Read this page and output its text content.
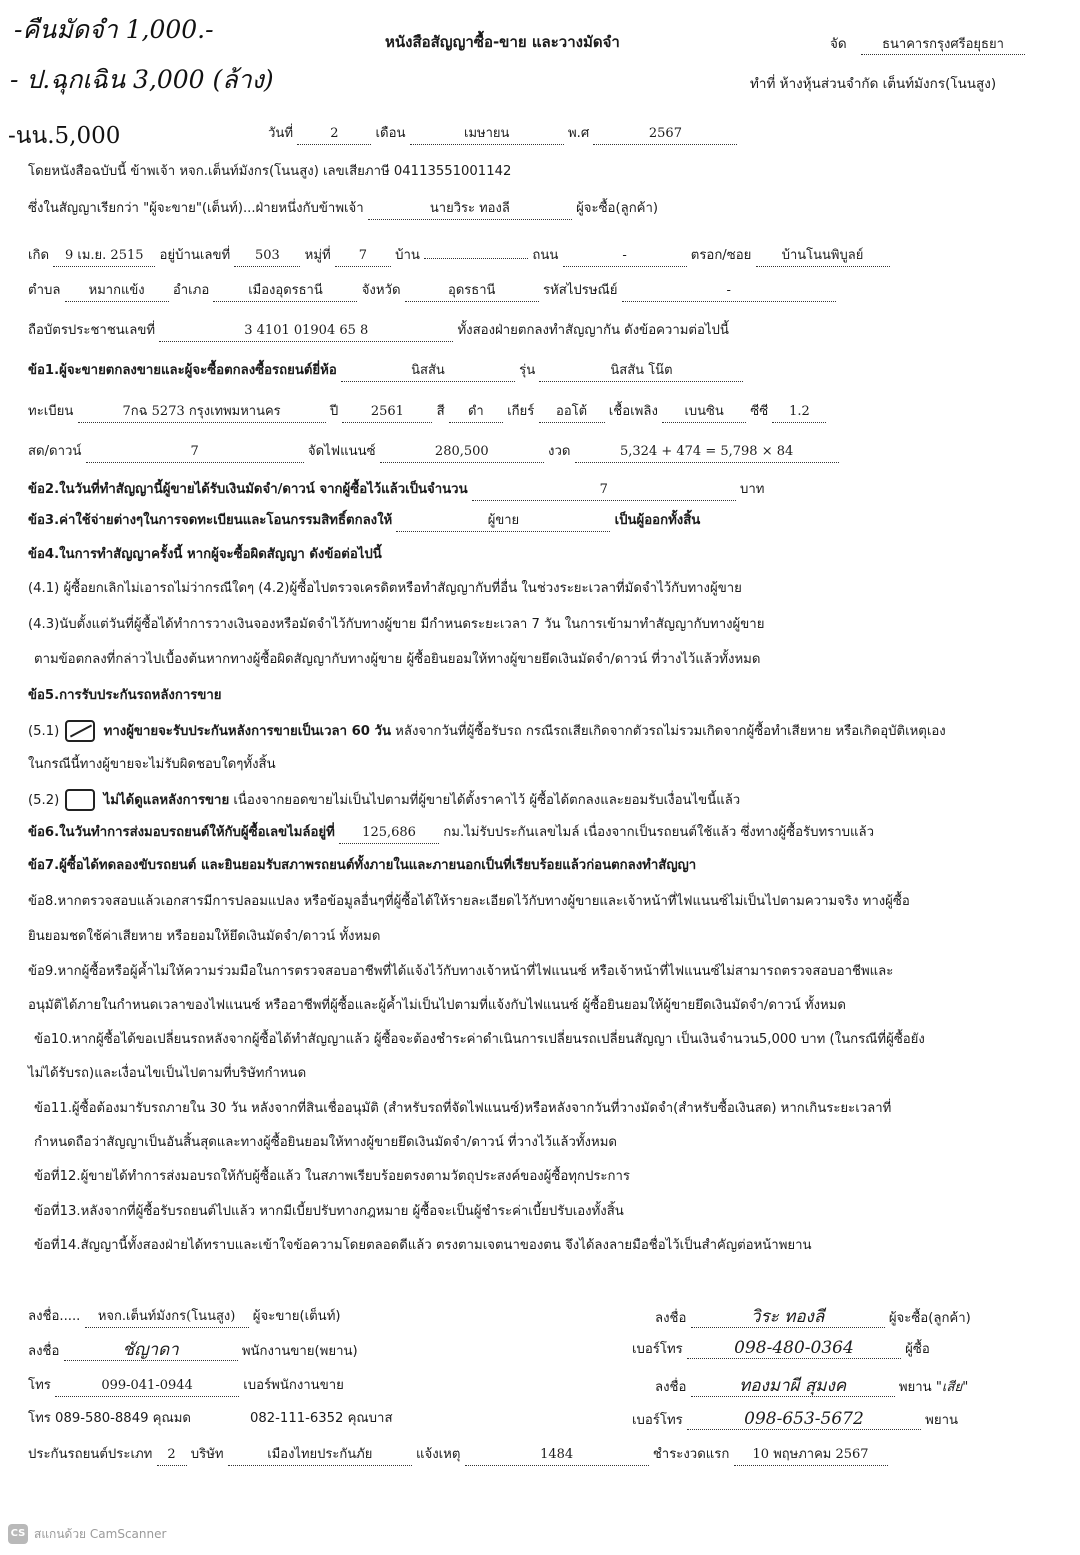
-คืนมัดจำ 1,000.-
- ป.ฉุกเฉิน 3,000 (ล้าง)
-นน.5,000
หนังสือสัญญาซื้อ-ขาย และวางมัดจำ	จัด	ธนาคารกรุงศรีอยุธยา
ทำที่ ห้างหุ้นส่วนจำกัด เต็นท์มังกร(โนนสูง)
วันที่	2	เดือน	เมษายน	พ.ศ	2567
โดยหนังสือฉบับนี้ ข้าพเจ้า หจก.เต็นท์มังกร(โนนสูง) เลขเสียภาษี 0411355100114​2
ซึ่งในสัญญาเรียกว่า "ผู้จะขาย"(เต็นท์)...ฝ่ายหนึ่งกับข้าพเจ้า	นายวิระ ทองลี	ผู้จะซื้อ(ลูกค้า)
เกิด 9 เม.ย. 2515 อยู่บ้านเลขที่ 503 หมู่ที่ 7 บ้าน	ถนน	-	ตรอก/ซอย บ้านโนนพิบูลย์
ตำบล หมากแข้ง อำเภอ	เมืองอุดรธานี	จังหวัด	อุดรธานี	รหัสไปรษณีย์	-
ถือบัตรประชาชนเลขที่	3 4101 01904 65 8	ทั้งสองฝ่ายตกลงทำสัญญากัน ดังข้อความต่อไปนี้
ข้อ1.ผู้จะขายตกลงขายและผู้จะซื้อตกลงซื้อรถยนต์ยี่ห้อ	นิสสัน	รุ่น	นิสสัน โน๊ต
ทะเบียน	7กฉ 5273 กรุงเทพมหานคร	ปี	2561 สี ดำ เกียร์ ออโต้ เชื้อเพลิง เบนซิน ซีซี 1.2
สด/ดาวน์	7	จัดไฟแนนซ์	280,500	งวด	5,324 + 474 = 5,798 × 84
ข้อ2.ในวันที่ทำสัญญานี้ผู้ขายได้รับเงินมัดจำ/ดาวน์ จากผู้ซื้อไว้แล้วเป็นจำนวน	7	บาท
ข้อ3.ค่าใช้จ่ายต่างๆในการจดทะเบียนและโอนกรรมสิทธิ์ตกลงให้	ผู้ขาย	เป็นผู้ออกทั้งสิ้น
ข้อ4.ในการทำสัญญาครั้งนี้ หากผู้จะซื้อผิดสัญญา ดังข้อต่อไปนี้
(4.1) ผู้ซื้อยกเลิกไม่เอารถไม่ว่ากรณีใดๆ (4.2)ผู้ซื้อไปตรวจเครดิตหรือทำสัญญากับที่อื่น ในช่วงระยะเวลาที่มัดจำไว้กับทางผู้ขาย
(4.3)นับตั้งแต่วันที่ผู้ซื้อได้ทำการวางเงินจองหรือมัดจำไว้กับทางผู้ขาย มีกำหนดระยะเวลา 7 วัน ในการเข้ามาทำสัญญากับทางผู้ขาย
ตามข้อตกลงที่กล่าวไปเบื้องต้นหากทางผู้ซื้อผิดสัญญากับทางผู้ขาย ผู้ซื้อยินยอมให้ทางผู้ขายยึดเงินมัดจำ/ดาวน์ ที่วางไว้แล้วทั้งหมด
ข้อ5.การรับประกันรถหลังการขาย
(5.1)	ทางผู้ขายจะรับประกันหลังการขายเป็นเวลา 60 วัน หลังจากวันที่ผู้ซื้อรับรถ กรณีรถเสียเกิดจากตัวรถไม่รวมเกิดจากผู้ซื้อทำเสียหาย หรือเกิดอุบัติเหตุเอง
ในกรณีนี้ทางผู้ขายจะไม่รับผิดชอบใดๆทั้งสิ้น
(5.2)	ไม่ได้ดูแลหลังการขาย เนื่องจากยอดขายไม่เป็นไปตามที่ผู้ขายได้ตั้งราคาไว้ ผู้ซื้อได้ตกลงและยอมรับเงื่อนไขนี้แล้ว
ข้อ6.ในวันทำการส่งมอบรถยนต์ให้กับผู้ซื้อเลขไมล์อยู่ที่ 125,686 กม.ไม่รับประกันเลขไมล์ เนื่องจากเป็นรถยนต์ใช้แล้ว ซึ่งทางผู้ซื้อรับทราบแล้ว
ข้อ7.ผู้ซื้อได้ทดลองขับรถยนต์ และยินยอมรับสภาพรถยนต์ทั้งภายในและภายนอกเป็นที่เรียบร้อยแล้วก่อนตกลงทำสัญญา
ข้อ8.หากตรวจสอบแล้วเอกสารมีการปลอมแปลง หรือข้อมูลอื่นๆที่ผู้ซื้อได้ให้รายละเอียดไว้กับทางผู้ขายและเจ้าหน้าที่ไฟแนนซ์ไม่เป็นไปตามความจริง ทางผู้ซื้อ
ยินยอมชดใช้ค่าเสียหาย หรือยอมให้ยึดเงินมัดจำ/ดาวน์ ทั้งหมด
ข้อ9.หากผู้ซื้อหรือผู้ค้ำไม่ให้ความร่วมมือในการตรวจสอบอาชีพที่ได้แจ้งไว้กับทางเจ้าหน้าที่ไฟแนนซ์ หรือเจ้าหน้าที่ไฟแนนซ์ไม่สามารถตรวจสอบอาชีพและ
อนุมัติได้ภายในกำหนดเวลาของไฟแนนซ์ หรืออาชีพที่ผู้ซื้อและผู้ค้ำไม่เป็นไปตามที่แจ้งกับไฟแนนซ์ ผู้ซื้อยินยอมให้ผู้ขายยึดเงินมัดจำ/ดาวน์ ทั้งหมด
ข้อ10.หากผู้ซื้อได้ขอเปลี่ยนรถหลังจากผู้ซื้อได้ทำสัญญาแล้ว ผู้ซื้อจะต้องชำระค่าดำเนินการเปลี่ยนรถเปลี่ยนสัญญา เป็นเงินจำนวน5,000 บาท (ในกรณีที่ผู้ซื้อยัง
ไม่ได้รับรถ)และเงื่อนไขเป็นไปตามที่บริษัทกำหนด
ข้อ11.ผู้ซื้อต้องมารับรถภายใน 30 วัน หลังจากที่สินเชื่ออนุมัติ (สำหรับรถที่จัดไฟแนนซ์)หรือหลังจากวันที่วางมัดจำ(สำหรับซื้อเงินสด) หากเกินระยะเวลาที่
กำหนดถือว่าสัญญาเป็นอันสิ้นสุดและทางผู้ซื้อยินยอมให้ทางผู้ขายยึดเงินมัดจำ/ดาวน์ ที่วางไว้แล้วทั้งหมด
ข้อที่12.ผู้ขายได้ทำการส่งมอบรถให้กับผู้ซื้อแล้ว ในสภาพเรียบร้อยตรงตามวัตถุประสงค์ของผู้ซื้อทุกประการ
ข้อที่13.หลังจากที่ผู้ซื้อรับรถยนต์ไปแล้ว หากมีเบี้ยปรับทางกฎหมาย ผู้ซื้อจะเป็นผู้ชำระค่าเบี้ยปรับเองทั้งสิ้น
ข้อที่14.สัญญานี้ทั้งสองฝ่ายได้ทราบและเข้าใจข้อความโดยตลอดดีแล้ว ตรงตามเจตนาของตน จึงได้ลงลายมือชื่อไว้เป็นสำคัญต่อหน้าพยาน
ลงชื่อ..... หจก.เต็นท์มังกร(โนนสูง) ผู้จะขาย(เต็นท์)
ลงชื่อ	ชัญาดา	พนักงานขาย(พยาน)
โทร	099-041-0944	เบอร์พนักงานขาย
โทร 089-580-8849 คุณมด	082-111-6352 คุณบาส
ลงชื่อ	วิระ ทองลี	ผู้จะซื้อ(ลูกค้า)
เบอร์โทร	098-480-0364	ผู้ซื้อ
ลงชื่อ	ทองมาผี สุมงค	พยาน "เสีย"
เบอร์โทร	098-653-5672	พยาน
ประกันรถยนต์ประเภท 2 บริษัท	เมืองไทยประกันภัย	แจ้งเหตุ	1484	ชำระงวดแรก 10 พฤษภาคม 2567
CS สแกนด้วย CamScanner
